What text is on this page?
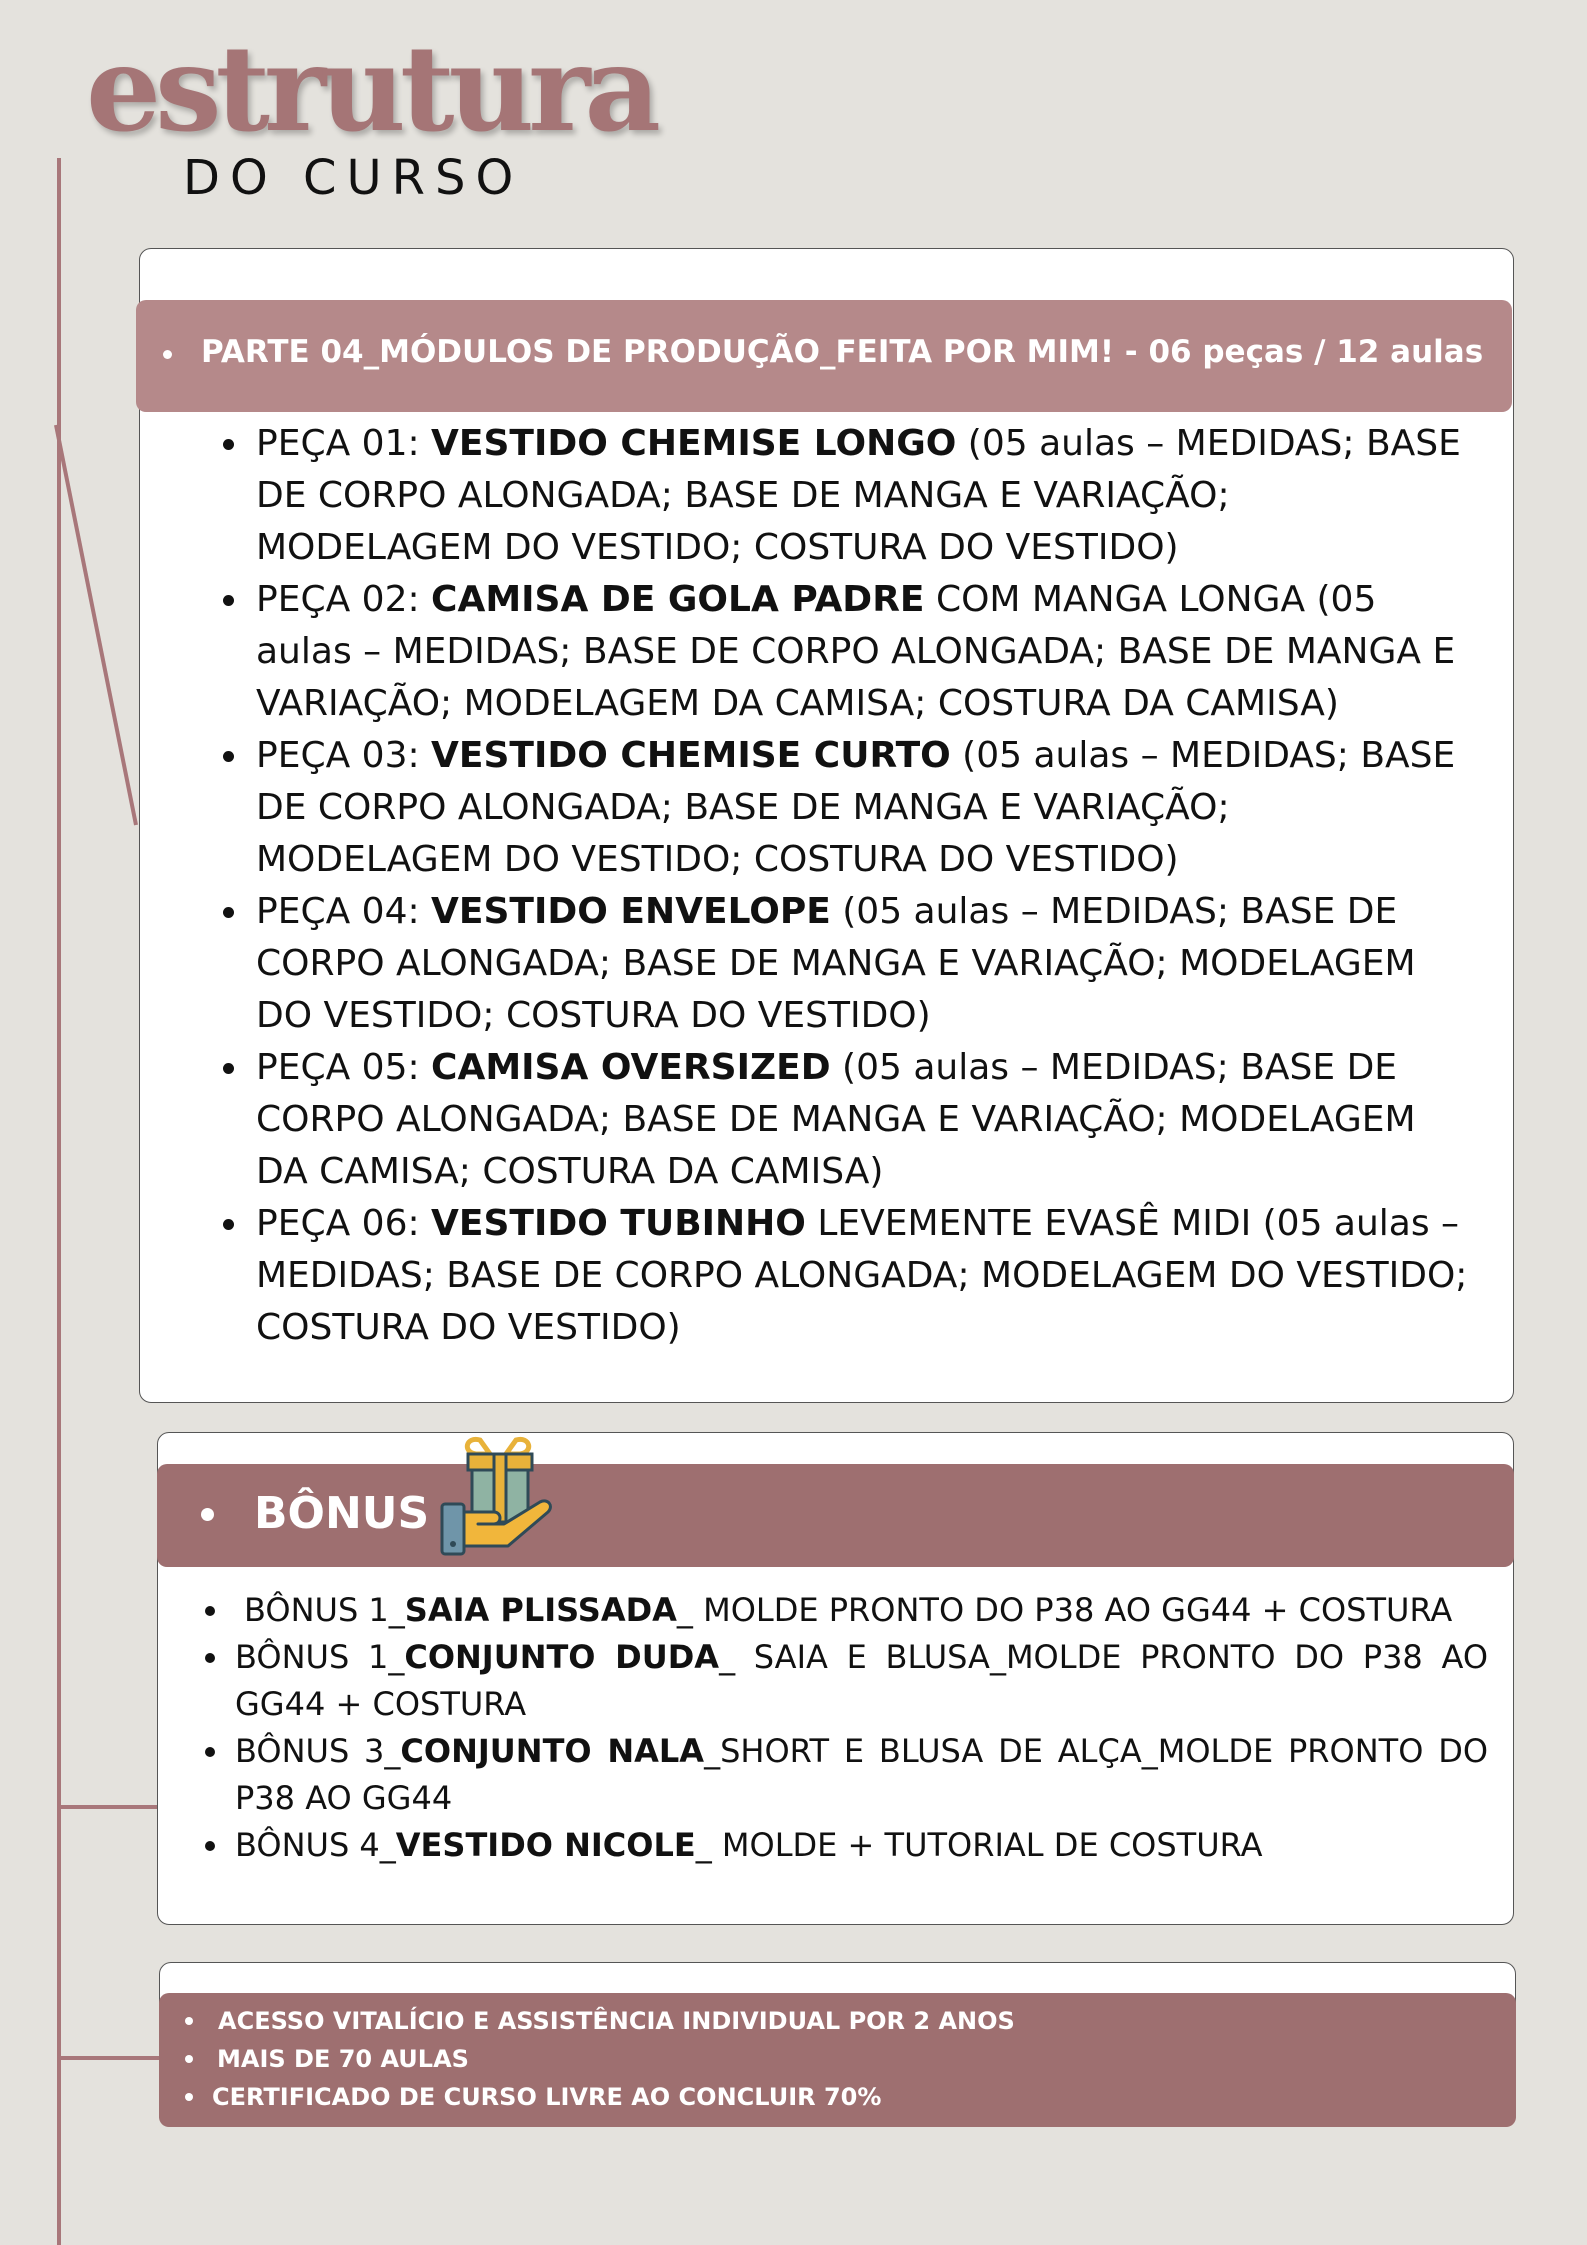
estrutura
DO CURSO
PARTE 04_MÓDULOS DE PRODUÇÃO_FEITA POR MIM! - 06 peças / 12 aulas
PEÇA 01: VESTIDO CHEMISE LONGO (05 aulas – MEDIDAS; BASE DE CORPO ALONGADA; BASE DE MANGA E VARIAÇÃO; MODELAGEM DO VESTIDO; COSTURA DO VESTIDO)
PEÇA 02: CAMISA DE GOLA PADRE COM MANGA LONGA (05 aulas – MEDIDAS; BASE DE CORPO ALONGADA; BASE DE MANGA E VARIAÇÃO; MODELAGEM DA CAMISA; COSTURA DA CAMISA)
PEÇA 03: VESTIDO CHEMISE CURTO (05 aulas – MEDIDAS; BASE DE CORPO ALONGADA; BASE DE MANGA E VARIAÇÃO; MODELAGEM DO VESTIDO; COSTURA DO VESTIDO)
PEÇA 04: VESTIDO ENVELOPE (05 aulas – MEDIDAS; BASE DE CORPO ALONGADA; BASE DE MANGA E VARIAÇÃO; MODELAGEM DO VESTIDO; COSTURA DO VESTIDO)
PEÇA 05: CAMISA OVERSIZED (05 aulas – MEDIDAS; BASE DE CORPO ALONGADA; BASE DE MANGA E VARIAÇÃO; MODELAGEM DA CAMISA; COSTURA DA CAMISA)
PEÇA 06: VESTIDO TUBINHO LEVEMENTE EVASÊ MIDI (05 aulas – MEDIDAS; BASE DE CORPO ALONGADA; MODELAGEM DO VESTIDO; COSTURA DO VESTIDO)
BÔNUS
BÔNUS 1_SAIA PLISSADA_ MOLDE PRONTO DO P38 AO GG44 + COSTURA
BÔNUS 1_CONJUNTO DUDA_ SAIA E BLUSA_MOLDE PRONTO DO P38 AO GG44 + COSTURA
BÔNUS 3_CONJUNTO NALA_SHORT E BLUSA DE ALÇA_MOLDE PRONTO DO P38 AO GG44
BÔNUS 4_VESTIDO NICOLE_ MOLDE + TUTORIAL DE COSTURA
ACESSO VITALÍCIO E ASSISTÊNCIA INDIVIDUAL POR 2 ANOS
MAIS DE 70 AULAS
CERTIFICADO DE CURSO LIVRE AO CONCLUIR 70%
